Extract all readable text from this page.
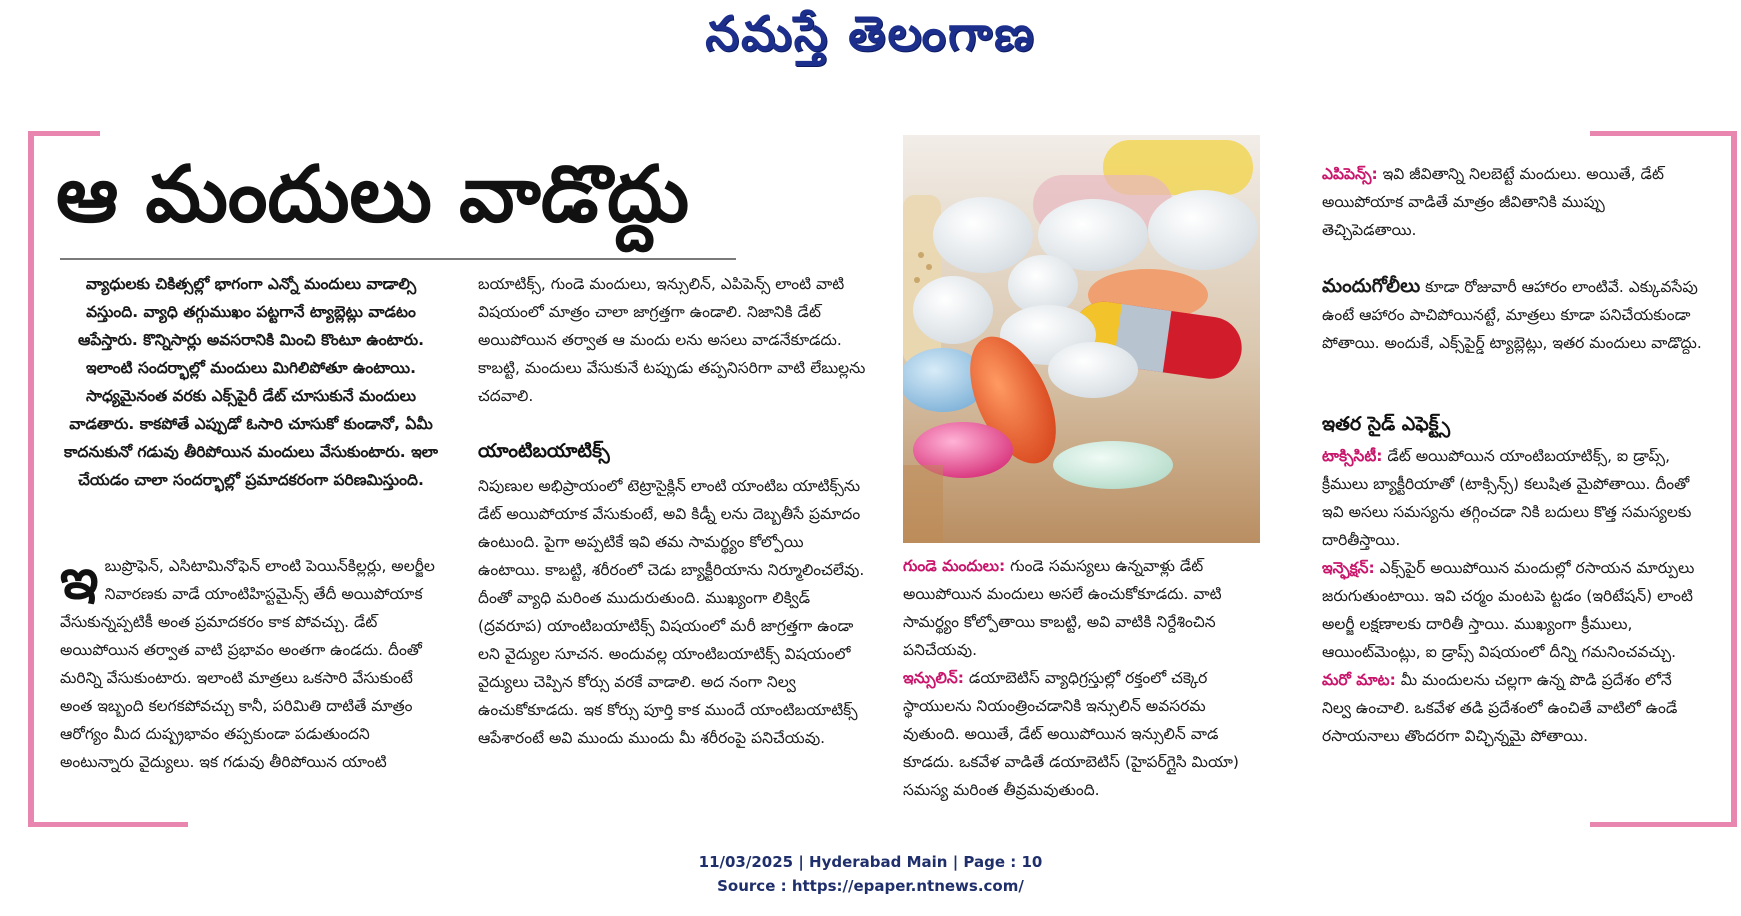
నమస్తే తెలంగాణ
ఆ మందులు వాడొద్దు
వ్యాధులకు చికిత్సల్లో భాగంగా ఎన్నో మందులు వాడాల్సి వస్తుంది. వ్యాధి తగ్గుముఖం పట్టగానే ట్యాబ్లెట్లు వాడటం ఆపేస్తారు. కొన్నిసార్లు అవసరానికి మించి కొంటూ ఉంటారు. ఇలాంటి సందర్భాల్లో మందులు మిగిలిపోతూ ఉంటాయి. సాధ్యమైనంత వరకు ఎక్స్‌పైరీ డేట్ చూసుకునే మందులు వాడతారు. కాకపోతే ఎప్పుడో ఓసారి చూసుకో కుండానో, ఏమీ కాదనుకునో గడువు తీరిపోయిన మందులు వేసుకుంటారు. ఇలా చేయడం చాలా సందర్భాల్లో ప్రమాదకరంగా పరిణమిస్తుంది.
ఇ బుప్రొఫెన్, ఎసిటామినోఫెన్ లాంటి పెయిన్‌కిల్లర్లు, అలర్జీల నివారణకు వాడే యాంటిహిస్టమైన్స్ తేదీ అయిపోయాక వేసుకున్నప్పటికీ అంత ప్రమాదకరం కాక పోవచ్చు. డేట్ అయిపోయిన తర్వాత వాటి ప్రభావం అంతగా ఉండదు. దీంతో మరిన్ని వేసుకుంటారు. ఇలాంటి మాత్రలు ఒకసారి వేసుకుంటే అంత ఇబ్బంది కలగకపోవచ్చు కానీ, పరిమితి దాటితే మాత్రం ఆరోగ్యం మీద దుష్ప్రభావం తప్పకుండా పడుతుందని అంటున్నారు వైద్యులు. ఇక గడువు తీరిపోయిన యాంటి
బయాటిక్స్, గుండె మందులు, ఇన్సులిన్, ఎపిపెన్స్ లాంటి వాటి విషయంలో మాత్రం చాలా జాగ్రత్తగా ఉండాలి. నిజానికి డేట్ అయిపోయిన తర్వాత ఆ మందు లను అసలు వాడనేకూడదు. కాబట్టి, మందులు వేసుకునే టప్పుడు తప్పనిసరిగా వాటి లేబుల్లను చదవాలి.
యాంటిబయాటిక్స్
నిపుణుల అభిప్రాయంలో టెట్రాసైక్లిన్ లాంటి యాంటిబ యాటిక్స్‌ను డేట్ అయిపోయాక వేసుకుంటే, అవి కిడ్నీ లను దెబ్బతీసే ప్రమాదం ఉంటుంది. పైగా అప్పటికే ఇవి తమ సామర్థ్యం కోల్పోయి ఉంటాయి. కాబట్టి, శరీరంలో చెడు బ్యాక్టీరియాను నిర్మూలించలేవు. దీంతో వ్యాధి మరింత ముదురుతుంది. ముఖ్యంగా లిక్విడ్ (ద్రవరూప) యాంటిబయాటిక్స్ విషయంలో మరీ జాగ్రత్తగా ఉండా లని వైద్యుల సూచన. అందువల్ల యాంటిబయాటిక్స్ విషయంలో వైద్యులు చెప్పిన కోర్సు వరకే వాడాలి. అద నంగా నిల్వ ఉంచుకోకూడదు. ఇక కోర్సు పూర్తి కాక ముందే యాంటిబయాటిక్స్ ఆపేశారంటే అవి ముందు ముందు మీ శరీరంపై పనిచేయవు.

గుండె మందులు: గుండె సమస్యలు ఉన్నవాళ్లు డేట్ అయిపోయిన మందులు అసలే ఉంచుకోకూడదు. వాటి సామర్థ్యం కోల్పోతాయి కాబట్టి, అవి వాటికి నిర్దేశించిన పనిచేయవు.

ఇన్సులిన్: డయాబెటిస్ వ్యాధిగ్రస్తుల్లో రక్తంలో చక్కెర స్థాయులను నియంత్రించడానికి ఇన్సులిన్ అవసరమ వుతుంది. అయితే, డేట్ అయిపోయిన ఇన్సులిన్ వాడ కూడదు. ఒకవేళ వాడితే డయాబెటిస్ (హైపర్‌గ్లైసి మియా) సమస్య మరింత తీవ్రమవుతుంది.

ఎపిపెన్స్: ఇవి జీవితాన్ని నిలబెట్టే మందులు. అయితే, డేట్ అయిపోయాక వాడితే మాత్రం జీవితానికి ముప్పు తెచ్చిపెడతాయి.
మందుగోలీలు కూడా రోజువారీ ఆహారం లాంటివే. ఎక్కువసేపు ఉంటే ఆహారం పాచిపోయినట్టే, మాత్రలు కూడా పనిచేయకుండా పోతాయి. అందుకే, ఎక్స్‌పైర్డ్ ట్యాబ్లెట్లు, ఇతర మందులు వాడొద్దు.
ఇతర సైడ్ ఎఫెక్ట్స్

టాక్సిసిటీ: డేట్ అయిపోయిన యాంటిబయాటిక్స్, ఐ డ్రాప్స్, క్రీములు బ్యాక్టీరియాతో (టాక్సిన్స్) కలుషిత మైపోతాయి. దీంతో ఇవి అసలు సమస్యను తగ్గించడా నికి బదులు కొత్త సమస్యలకు దారితీస్తాయి.

ఇన్ఫెక్షన్: ఎక్స్‌పైర్ అయిపోయిన మందుల్లో రసాయన మార్పులు జరుగుతుంటాయి. ఇవి చర్మం మంటపె ట్టడం (ఇరిటేషన్) లాంటి అలర్జీ లక్షణాలకు దారితీ స్తాయి. ముఖ్యంగా క్రీములు, ఆయింట్‌మెంట్లు, ఐ డ్రాప్స్ విషయంలో దీన్ని గమనించవచ్చు.

మరో మాట: మీ మందులను చల్లగా ఉన్న పొడి ప్రదేశం లోనే నిల్వ ఉంచాలి. ఒకవేళ తడి ప్రదేశంలో ఉంచితే వాటిలో ఉండే రసాయనాలు తొందరగా విచ్ఛిన్నమై పోతాయి.

11/03/2025 | Hyderabad Main | Page : 10
Source : https://epaper.ntnews.com/
